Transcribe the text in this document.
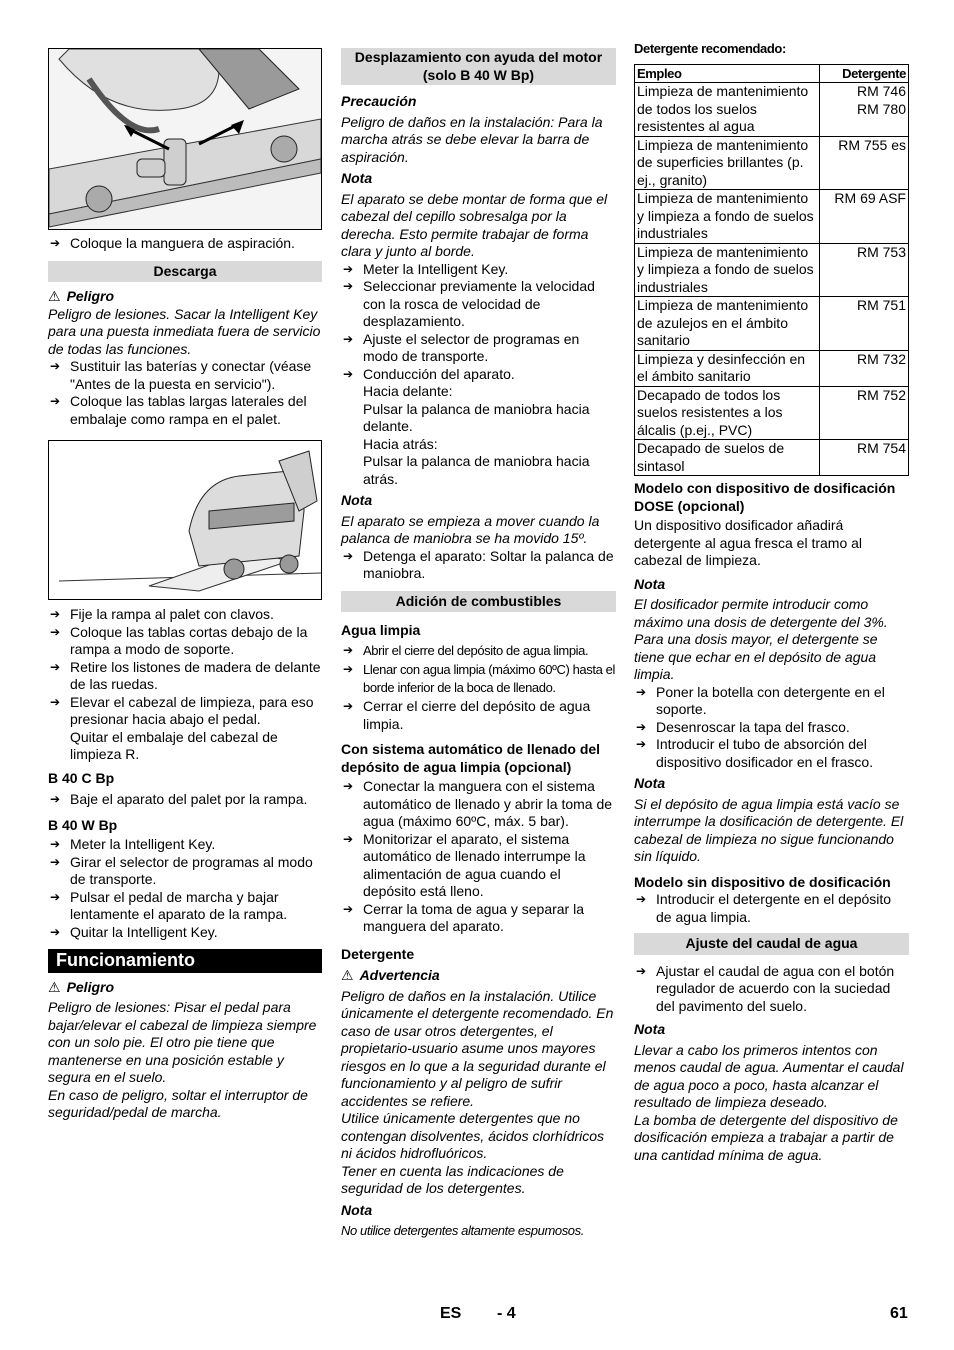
➔ Coloque la manguera de aspiración.
Descarga
⚠ Peligro
Peligro de lesiones. Sacar la Intelligent Key para una puesta inmediata fuera de servicio de todas las funciones.
➔ Sustituir las baterías y conectar (véase "Antes de la puesta en servicio").
➔ Coloque las tablas largas laterales del embalaje como rampa en el palet.
➔ Fije la rampa al palet con clavos.
➔ Coloque las tablas cortas debajo de la rampa a modo de soporte.
➔ Retire los listones de madera de delante de las ruedas.
➔ Elevar el cabezal de limpieza, para eso presionar hacia abajo el pedal.
Quitar el embalaje del cabezal de limpieza R.
B 40 C Bp
➔ Baje el aparato del palet por la rampa.
B 40 W Bp
➔ Meter la Intelligent Key.
➔ Girar el selector de programas al modo de transporte.
➔ Pulsar el pedal de marcha y bajar lentamente el aparato de la rampa.
➔ Quitar la Intelligent Key.
Funcionamiento
⚠ Peligro
Peligro de lesiones: Pisar el pedal para bajar/elevar el cabezal de limpieza siempre con un solo pie. El otro pie tiene que mantenerse en una posición estable y segura en el suelo.
En caso de peligro, soltar el interruptor de seguridad/pedal de marcha.
Desplazamiento con ayuda del motor (solo B 40 W Bp)
Precaución
Peligro de daños en la instalación: Para la marcha atrás se debe elevar la barra de aspiración.
Nota
El aparato se debe montar de forma que el cabezal del cepillo sobresalga por la derecha. Esto permite trabajar de forma clara y junto al borde.
➔ Meter la Intelligent Key.
➔ Seleccionar previamente la velocidad con la rosca de velocidad de desplazamiento.
➔ Ajuste el selector de programas en modo de transporte.
➔ Conducción del aparato.
Hacia delante:
Pulsar la palanca de maniobra hacia delante.
Hacia atrás:
Pulsar la palanca de maniobra hacia atrás.
Nota
El aparato se empieza a mover cuando la palanca de maniobra se ha movido 15º.
➔ Detenga el aparato: Soltar la palanca de maniobra.
Adición de combustibles
Agua limpia
➔ Abrir el cierre del depósito de agua limpia.
➔ Llenar con agua limpia (máximo 60ºC) hasta el borde inferior de la boca de llenado.
➔ Cerrar el cierre del depósito de agua limpia.
Con sistema automático de llenado del depósito de agua limpia (opcional)
➔ Conectar la manguera con el sistema automático de llenado y abrir la toma de agua (máximo 60ºC, máx. 5 bar).
➔ Monitorizar el aparato, el sistema automático de llenado interrumpe la alimentación de agua cuando el depósito está lleno.
➔ Cerrar la toma de agua y separar la manguera del aparato.
Detergente
⚠ Advertencia
Peligro de daños en la instalación. Utilice únicamente el detergente recomendado. En caso de usar otros detergentes, el propietario-usuario asume unos mayores riesgos en lo que a la seguridad durante el funcionamiento y al peligro de sufrir accidentes se refiere.
Utilice únicamente detergentes que no contengan disolventes, ácidos clorhídricos ni ácidos hidrofluóricos.
Tener en cuenta las indicaciones de seguridad de los detergentes.
Nota
No utilice detergentes altamente espumosos.
Detergente recomendado:
Empleo	Detergente
Limpieza de mantenimiento de todos los suelos resistentes al agua	RM 746
RM 780
Limpieza de mantenimiento de superficies brillantes (p. ej., granito)	RM 755 es
Limpieza de mantenimiento y limpieza a fondo de suelos industriales	RM 69 ASF
Limpieza de mantenimiento y limpieza a fondo de suelos industriales	RM 753
Limpieza de mantenimiento de azulejos en el ámbito sanitario	RM 751
Limpieza y desinfección en el ámbito sanitario	RM 732
Decapado de todos los suelos resistentes a los álcalis (p.ej., PVC)	RM 752
Decapado de suelos de sintasol	RM 754
Modelo con dispositivo de dosificación DOSE (opcional)
Un dispositivo dosificador añadirá detergente al agua fresca el tramo al cabezal de limpieza.
Nota
El dosificador permite introducir como máximo una dosis de detergente del 3%. Para una dosis mayor, el detergente se tiene que echar en el depósito de agua limpia.
➔ Poner la botella con detergente en el soporte.
➔ Desenroscar la tapa del frasco.
➔ Introducir el tubo de absorción del dispositivo dosificador en el frasco.
Nota
Si el depósito de agua limpia está vacío se interrumpe la dosificación de detergente. El cabezal de limpieza no sigue funcionando sin líquido.
Modelo sin dispositivo de dosificación
➔ Introducir el detergente en el depósito de agua limpia.
Ajuste del caudal de agua
➔ Ajustar el caudal de agua con el botón regulador de acuerdo con la suciedad del pavimento del suelo.
Nota
Llevar a cabo los primeros intentos con menos caudal de agua. Aumentar el caudal de agua poco a poco, hasta alcanzar el resultado de limpieza deseado.
La bomba de detergente del dispositivo de dosificación empieza a trabajar a partir de una cantidad mínima de agua.
ES - 4	61
